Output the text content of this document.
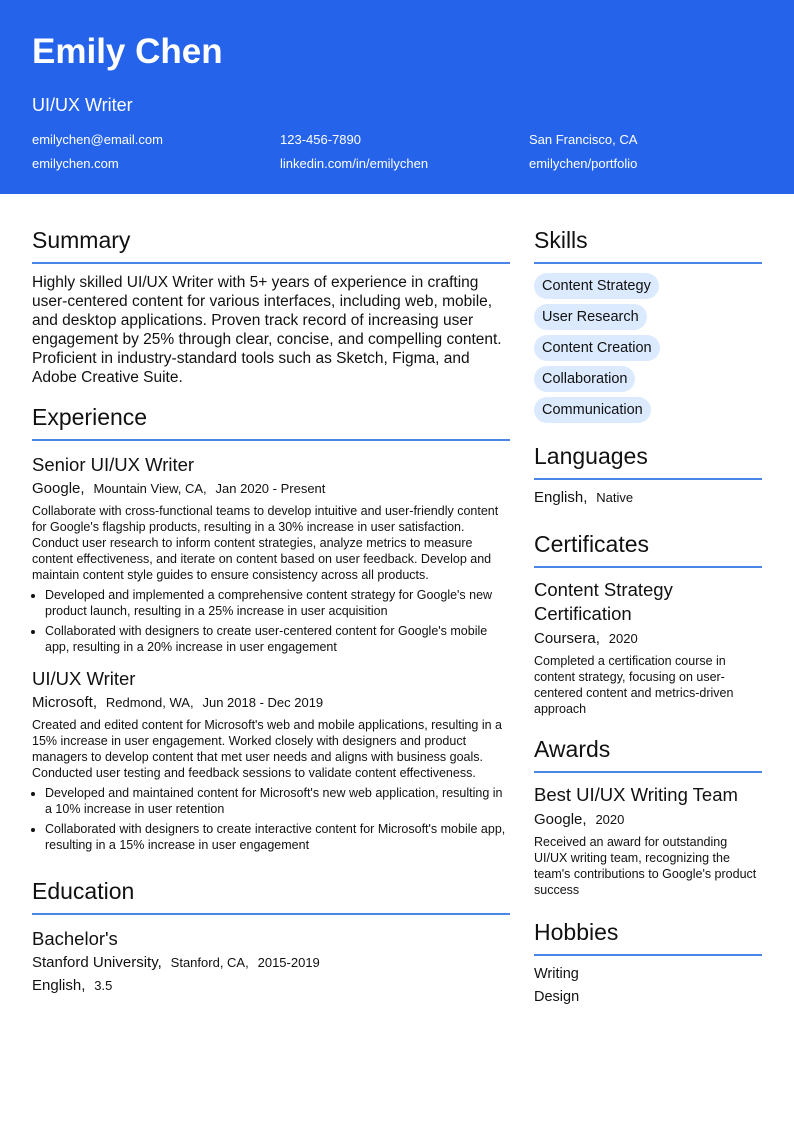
Emily Chen
UI/UX Writer
emilychen@email.com	123-456-7890	San Francisco, CA
emilychen.com	linkedin.com/in/emilychen	emilychen/portfolio
Summary
Highly skilled UI/UX Writer with 5+ years of experience in crafting user-centered content for various interfaces, including web, mobile, and desktop applications. Proven track record of increasing user engagement by 25% through clear, concise, and compelling content. Proficient in industry-standard tools such as Sketch, Figma, and Adobe Creative Suite.
Experience
Senior UI/UX Writer
Google, Mountain View, CA, Jan 2020 - Present
Collaborate with cross-functional teams to develop intuitive and user-friendly content for Google's flagship products, resulting in a 30% increase in user satisfaction. Conduct user research to inform content strategies, analyze metrics to measure content effectiveness, and iterate on content based on user feedback. Develop and maintain content style guides to ensure consistency across all products.
• Developed and implemented a comprehensive content strategy for Google's new product launch, resulting in a 25% increase in user acquisition
• Collaborated with designers to create user-centered content for Google's mobile app, resulting in a 20% increase in user engagement
UI/UX Writer
Microsoft, Redmond, WA, Jun 2018 - Dec 2019
Created and edited content for Microsoft's web and mobile applications, resulting in a 15% increase in user engagement. Worked closely with designers and product managers to develop content that met user needs and aligns with business goals. Conducted user testing and feedback sessions to validate content effectiveness.
• Developed and maintained content for Microsoft's new web application, resulting in a 10% increase in user retention
• Collaborated with designers to create interactive content for Microsoft's mobile app, resulting in a 15% increase in user engagement
Education
Bachelor's
Stanford University, Stanford, CA, 2015-2019
English, 3.5
Skills
Content Strategy
User Research
Content Creation
Collaboration
Communication
Languages
English, Native
Certificates
Content Strategy Certification
Coursera, 2020
Completed a certification course in content strategy, focusing on user-centered content and metrics-driven approach
Awards
Best UI/UX Writing Team
Google, 2020
Received an award for outstanding UI/UX writing team, recognizing the team's contributions to Google's product success
Hobbies
Writing
Design
